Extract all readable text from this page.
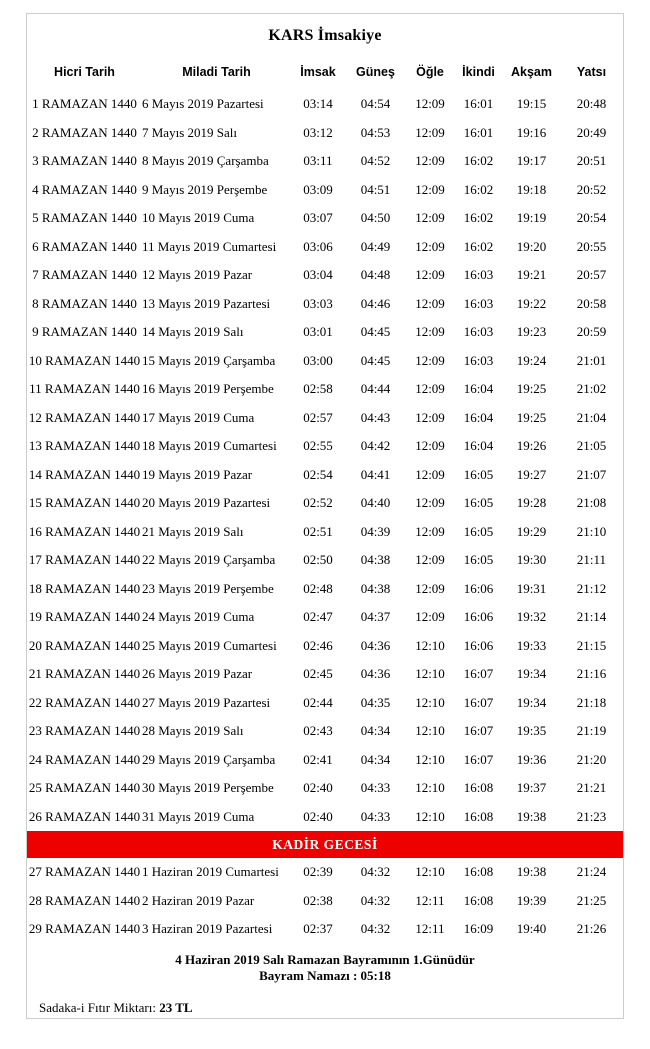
KARS İmsakiye
Hicri Tarih	Miladi Tarih	İmsak	Güneş	Öğle	İkindi	Akşam	Yatsı
1 RAMAZAN 1440	6 Mayıs 2019 Pazartesi	03:14	04:54	12:09	16:01	19:15	20:48
2 RAMAZAN 1440	7 Mayıs 2019 Salı	03:12	04:53	12:09	16:01	19:16	20:49
3 RAMAZAN 1440	8 Mayıs 2019 Çarşamba	03:11	04:52	12:09	16:02	19:17	20:51
4 RAMAZAN 1440	9 Mayıs 2019 Perşembe	03:09	04:51	12:09	16:02	19:18	20:52
5 RAMAZAN 1440	10 Mayıs 2019 Cuma	03:07	04:50	12:09	16:02	19:19	20:54
6 RAMAZAN 1440	11 Mayıs 2019 Cumartesi	03:06	04:49	12:09	16:02	19:20	20:55
7 RAMAZAN 1440	12 Mayıs 2019 Pazar	03:04	04:48	12:09	16:03	19:21	20:57
8 RAMAZAN 1440	13 Mayıs 2019 Pazartesi	03:03	04:46	12:09	16:03	19:22	20:58
9 RAMAZAN 1440	14 Mayıs 2019 Salı	03:01	04:45	12:09	16:03	19:23	20:59
10 RAMAZAN 1440	15 Mayıs 2019 Çarşamba	03:00	04:45	12:09	16:03	19:24	21:01
11 RAMAZAN 1440	16 Mayıs 2019 Perşembe	02:58	04:44	12:09	16:04	19:25	21:02
12 RAMAZAN 1440	17 Mayıs 2019 Cuma	02:57	04:43	12:09	16:04	19:25	21:04
13 RAMAZAN 1440	18 Mayıs 2019 Cumartesi	02:55	04:42	12:09	16:04	19:26	21:05
14 RAMAZAN 1440	19 Mayıs 2019 Pazar	02:54	04:41	12:09	16:05	19:27	21:07
15 RAMAZAN 1440	20 Mayıs 2019 Pazartesi	02:52	04:40	12:09	16:05	19:28	21:08
16 RAMAZAN 1440	21 Mayıs 2019 Salı	02:51	04:39	12:09	16:05	19:29	21:10
17 RAMAZAN 1440	22 Mayıs 2019 Çarşamba	02:50	04:38	12:09	16:05	19:30	21:11
18 RAMAZAN 1440	23 Mayıs 2019 Perşembe	02:48	04:38	12:09	16:06	19:31	21:12
19 RAMAZAN 1440	24 Mayıs 2019 Cuma	02:47	04:37	12:09	16:06	19:32	21:14
20 RAMAZAN 1440	25 Mayıs 2019 Cumartesi	02:46	04:36	12:10	16:06	19:33	21:15
21 RAMAZAN 1440	26 Mayıs 2019 Pazar	02:45	04:36	12:10	16:07	19:34	21:16
22 RAMAZAN 1440	27 Mayıs 2019 Pazartesi	02:44	04:35	12:10	16:07	19:34	21:18
23 RAMAZAN 1440	28 Mayıs 2019 Salı	02:43	04:34	12:10	16:07	19:35	21:19
24 RAMAZAN 1440	29 Mayıs 2019 Çarşamba	02:41	04:34	12:10	16:07	19:36	21:20
25 RAMAZAN 1440	30 Mayıs 2019 Perşembe	02:40	04:33	12:10	16:08	19:37	21:21
26 RAMAZAN 1440	31 Mayıs 2019 Cuma	02:40	04:33	12:10	16:08	19:38	21:23

KADİR GECESİ							

27 RAMAZAN 1440	1 Haziran 2019 Cumartesi	02:39	04:32	12:10	16:08	19:38	21:24
28 RAMAZAN 1440	2 Haziran 2019 Pazar	02:38	04:32	12:11	16:08	19:39	21:25
29 RAMAZAN 1440	3 Haziran 2019 Pazartesi	02:37	04:32	12:11	16:09	19:40	21:26
4 Haziran 2019 Salı Ramazan Bayramının 1.Günüdür
Bayram Namazı : 05:18
Sadaka-i Fıtır Miktarı: 23 TL
